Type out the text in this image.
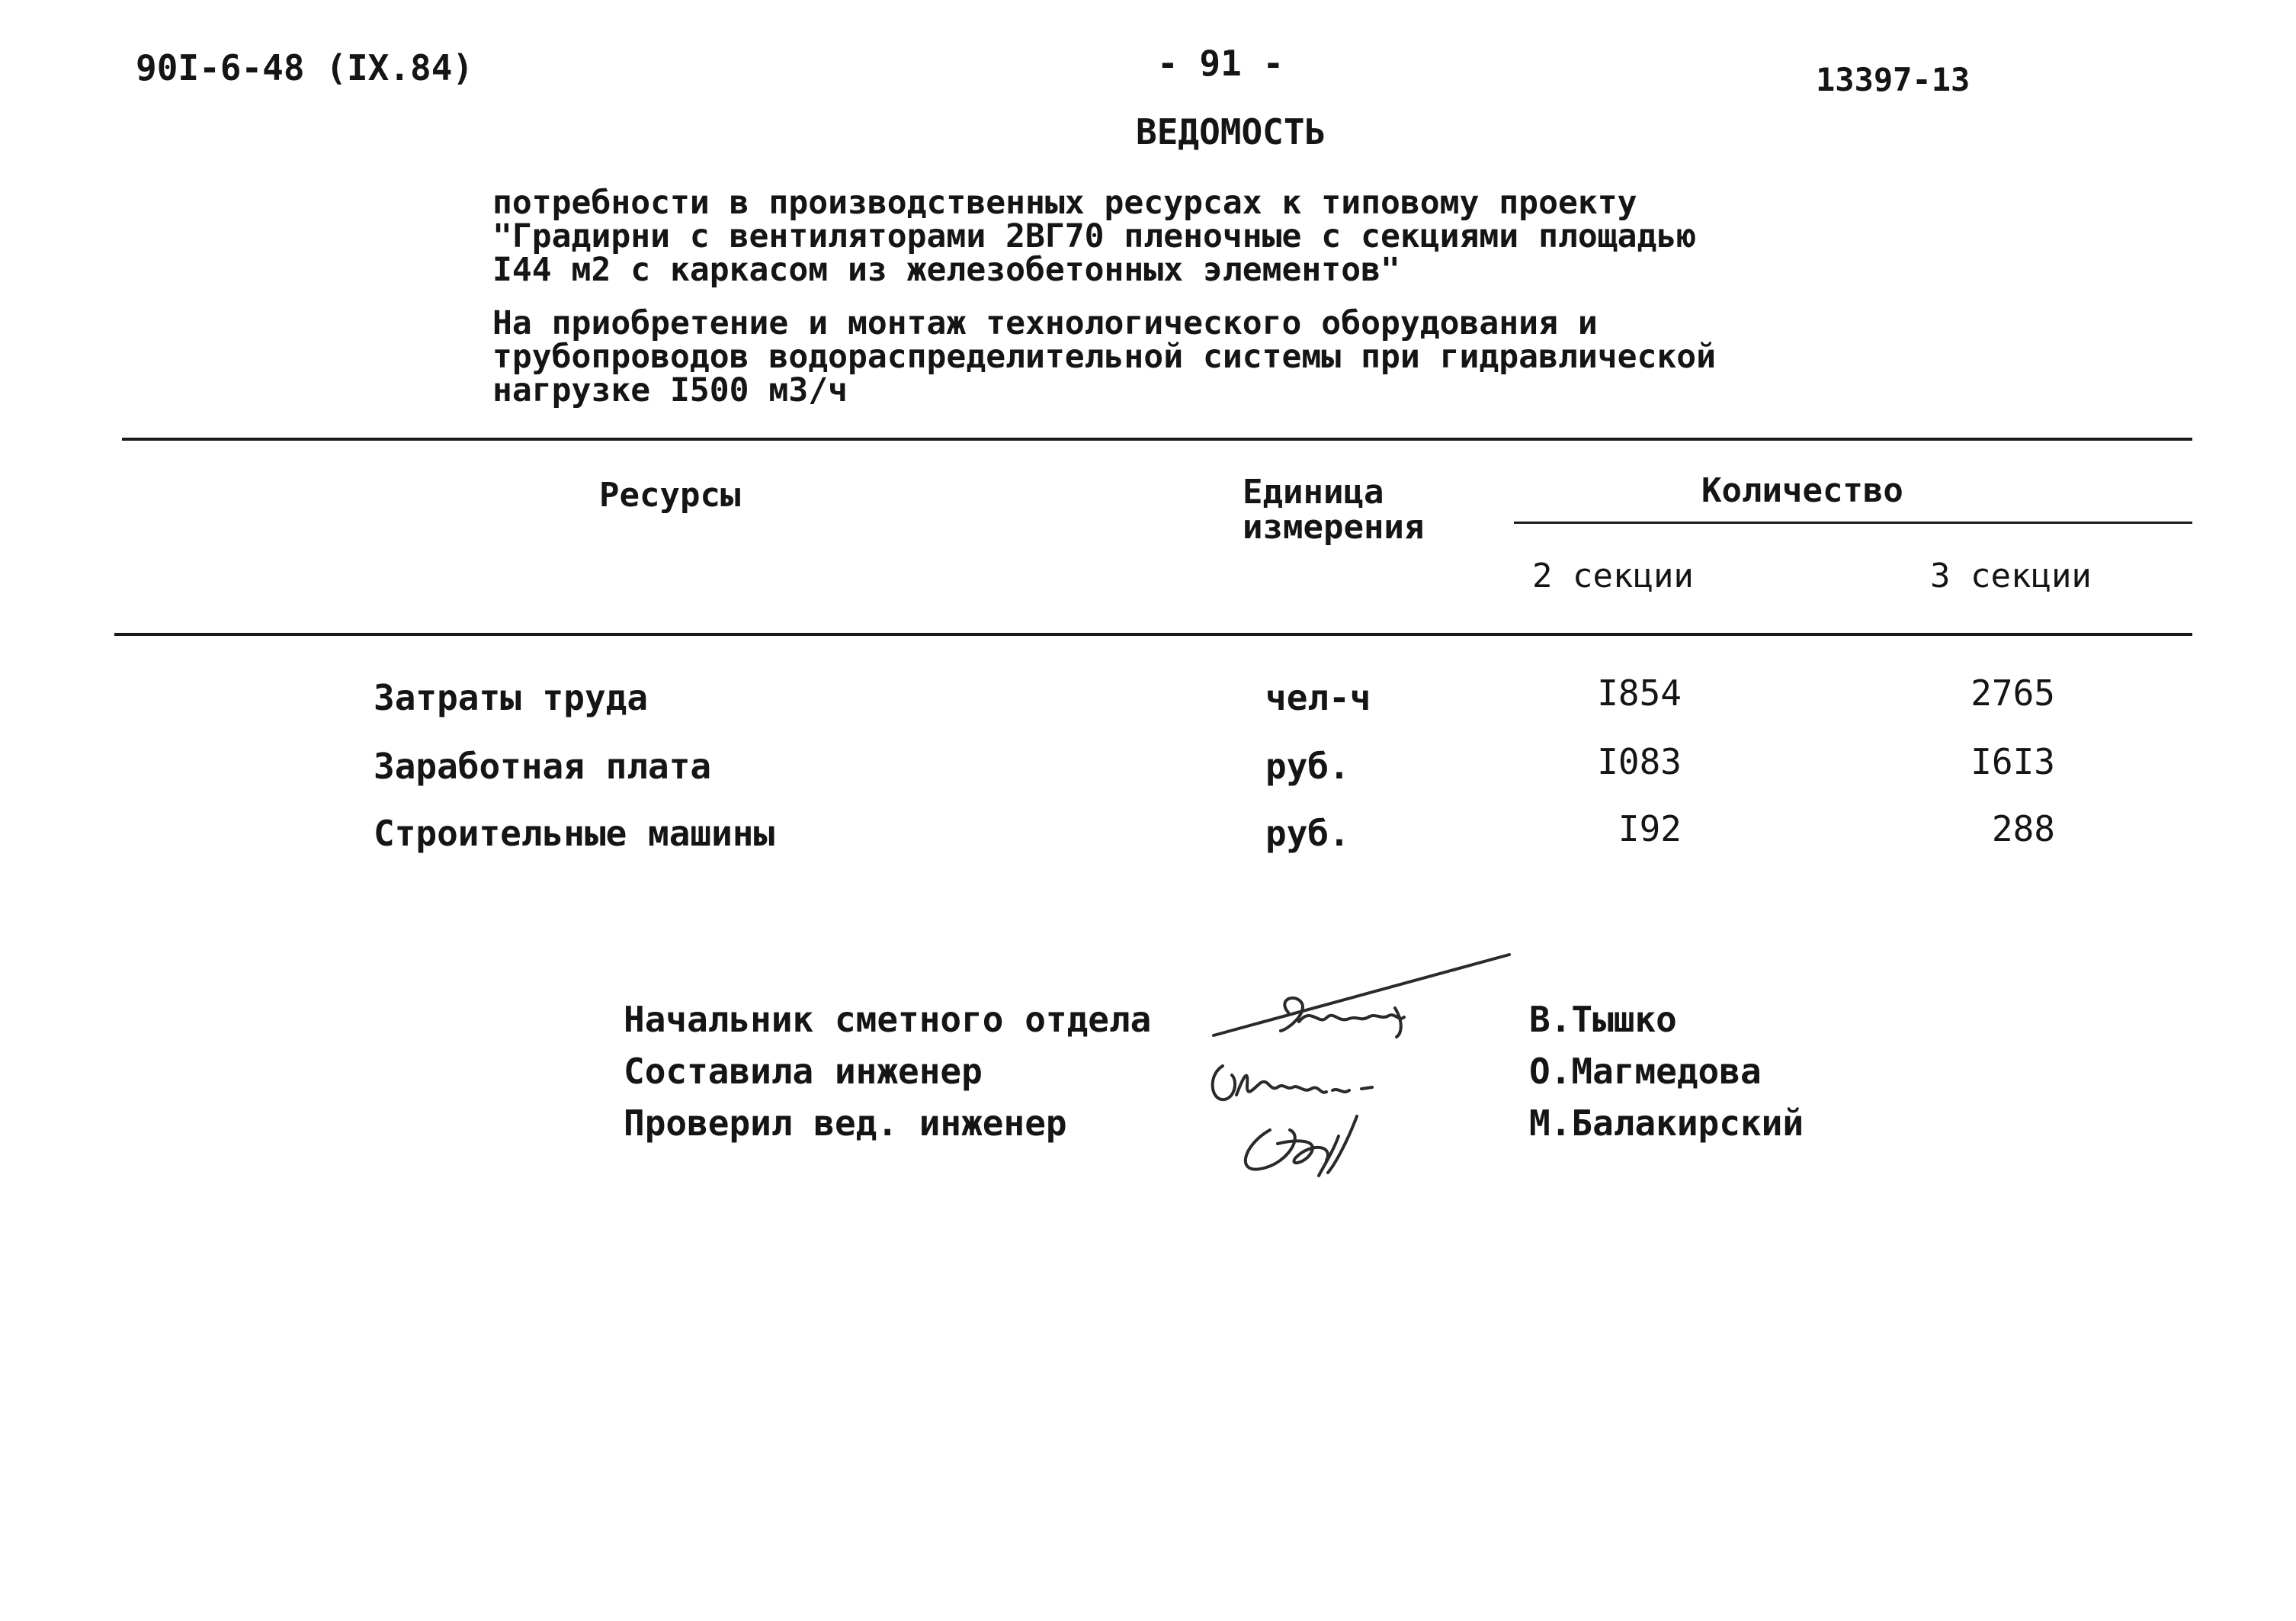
90I-6-48 (IX.84)	- 91 -	13397-13
ВЕДОМОСТЬ
потребности в производственных ресурсах к типовому проекту
"Градирни с вентиляторами 2ВГ70 пленочные с секциями площадью
I44 м2 с каркасом из железобетонных элементов"
На приобретение и монтаж технологического оборудования и
трубопроводов водораспределительной системы при гидравлической
нагрузке I500 м3/ч
Ресурсы	Единица
измерения
Количество
2 секции	3 секции
Затраты труда	чел-ч	I854	2765
Заработная плата	руб.	I083	I6I3
Строительные машины	руб.	I92	288
Начальник сметного отдела	В.Тышко
Составила инженер	О.Магмедова
Проверил вед. инженер	М.Балакирский
